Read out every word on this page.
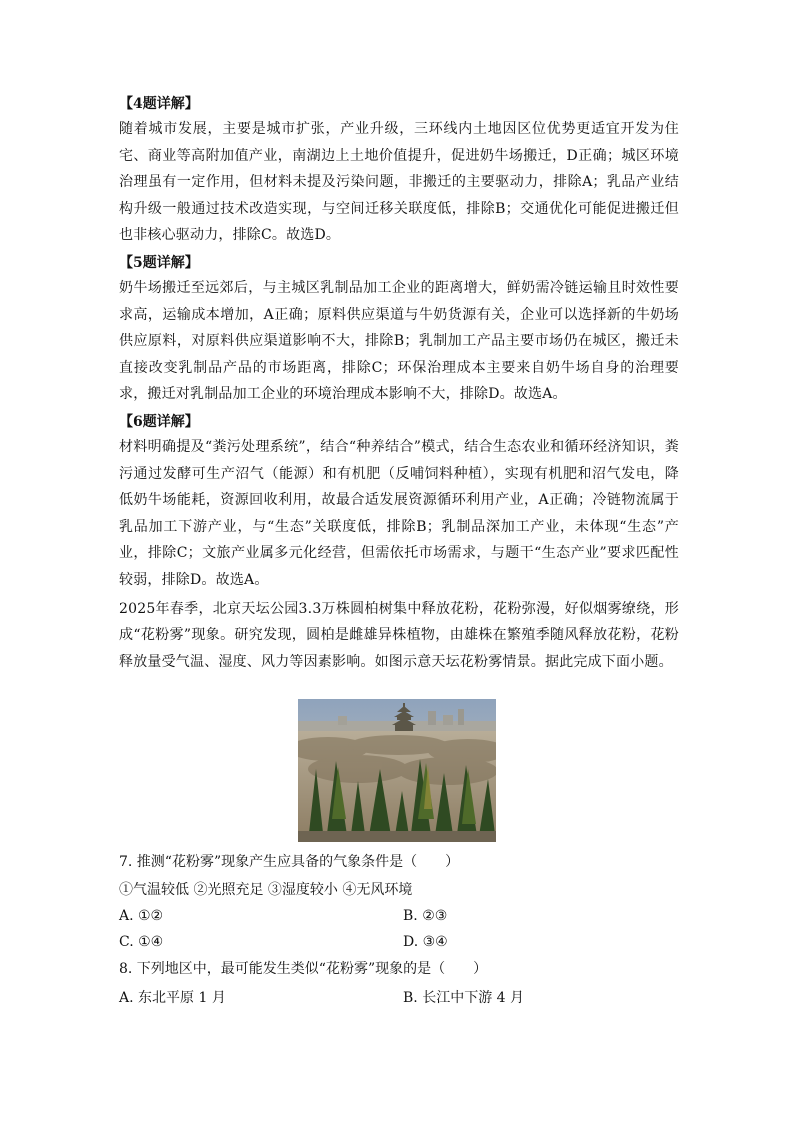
【4题详解】

随着城市发展，主要是城市扩张，产业升级，三环线内土地因区位优势更适宜开发为住宅、商业等高附加值产业，南湖边上土地价值提升，促进奶牛场搬迁，D正确；城区环境治理虽有一定作用，但材料未提及污染问题，非搬迁的主要驱动力，排除A；乳品产业结构升级一般通过技术改造实现，与空间迁移关联度低，排除B；交通优化可能促进搬迁但也非核心驱动力，排除C。故选D。

【5题详解】

奶牛场搬迁至远郊后，与主城区乳制品加工企业的距离增大，鲜奶需冷链运输且时效性要求高，运输成本增加，A正确；原料供应渠道与牛奶货源有关，企业可以选择新的牛奶场供应原料，对原料供应渠道影响不大，排除B；乳制加工产品主要市场仍在城区，搬迁未直接改变乳制品产品的市场距离，排除C；环保治理成本主要来自奶牛场自身的治理要求，搬迁对乳制品加工企业的环境治理成本影响不大，排除D。故选A。

【6题详解】

材料明确提及“粪污处理系统”，结合“种养结合”模式，结合生态农业和循环经济知识，粪污通过发酵可生产沼气（能源）和有机肥（反哺饲料种植），实现有机肥和沼气发电，降低奶牛场能耗，资源回收利用，故最合适发展资源循环利用产业，A正确；冷链物流属于乳品加工下游产业，与“生态”关联度低，排除B；乳制品深加工产业，未体现“生态”产业，排除C；文旅产业属多元化经营，但需依托市场需求，与题干“生态产业”要求匹配性较弱，排除D。故选A。

2025年春季，北京天坛公园3.3万株圆柏树集中释放花粉，花粉弥漫，好似烟雾缭绕，形成“花粉雾”现象。研究发现，圆柏是雌雄异株植物，由雄株在繁殖季随风释放花粉，花粉释放量受气温、湿度、风力等因素影响。如图示意天坛花粉雾情景。据此完成下面小题。

7. 推测“花粉雾”现象产生应具备的气象条件是（　　）
①气温较低 ②光照充足 ③湿度较小 ④无风环境
A. ①②	B. ②③
C. ①④	D. ③④
8. 下列地区中，最可能发生类似“花粉雾”现象的是（　　）
A. 东北平原 1 月	B. 长江中下游 4 月
